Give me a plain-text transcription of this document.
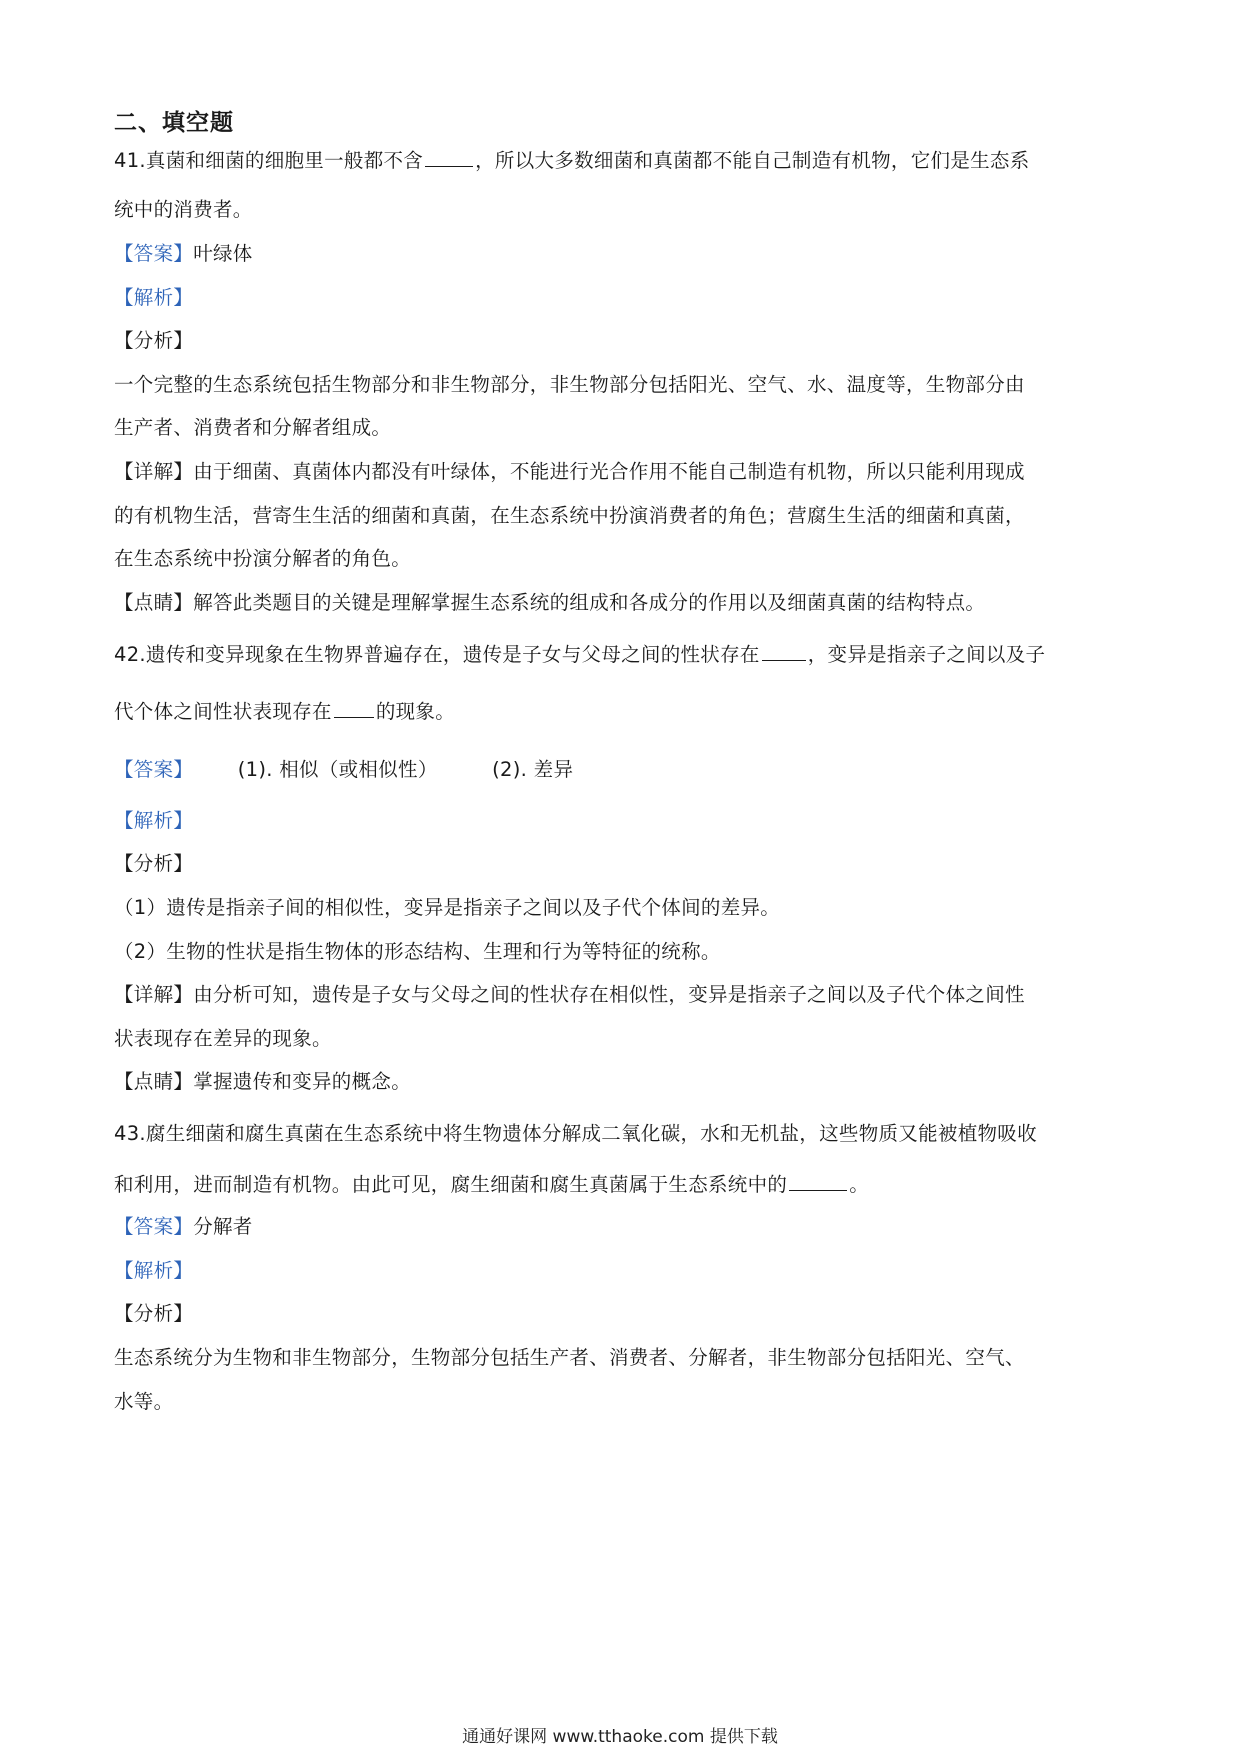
二、填空题
41.真菌和细菌的细胞里一般都不含	，所以大多数细菌和真菌都不能自己制造有机物，它们是生态系
统中的消费者。
【答案】叶绿体
【解析】
【分析】
一个完整的生态系统包括生物部分和非生物部分，非生物部分包括阳光、空气、水、温度等，生物部分由
生产者、消费者和分解者组成。
【详解】由于细菌、真菌体内都没有叶绿体，不能进行光合作用不能自己制造有机物，所以只能利用现成
的有机物生活，营寄生生活的细菌和真菌，在生态系统中扮演消费者的角色；营腐生生活的细菌和真菌，
在生态系统中扮演分解者的角色。
【点睛】解答此类题目的关键是理解掌握生态系统的组成和各成分的作用以及细菌真菌的结构特点。
42.遗传和变异现象在生物界普遍存在，遗传是子女与父母之间的性状存在 ，变异是指亲子之间以及子
代个体之间性状表现存在 的现象。
【答案】 (1). 相似（或相似性）	(2). 差异
【解析】
【分析】
（1）遗传是指亲子间的相似性，变异是指亲子之间以及子代个体间的差异。
（2）生物的性状是指生物体的形态结构、生理和行为等特征的统称。
【详解】由分析可知，遗传是子女与父母之间的性状存在相似性，变异是指亲子之间以及子代个体之间性
状表现存在差异的现象。
【点睛】掌握遗传和变异的概念。
43.腐生细菌和腐生真菌在生态系统中将生物遗体分解成二氧化碳，水和无机盐，这些物质又能被植物吸收
和利用，进而制造有机物。由此可见，腐生细菌和腐生真菌属于生态系统中的	。
【答案】分解者
【解析】
【分析】
生态系统分为生物和非生物部分，生物部分包括生产者、消费者、分解者，非生物部分包括阳光、空气、
水等。
通通好课网 www.tthaoke.com 提供下载
